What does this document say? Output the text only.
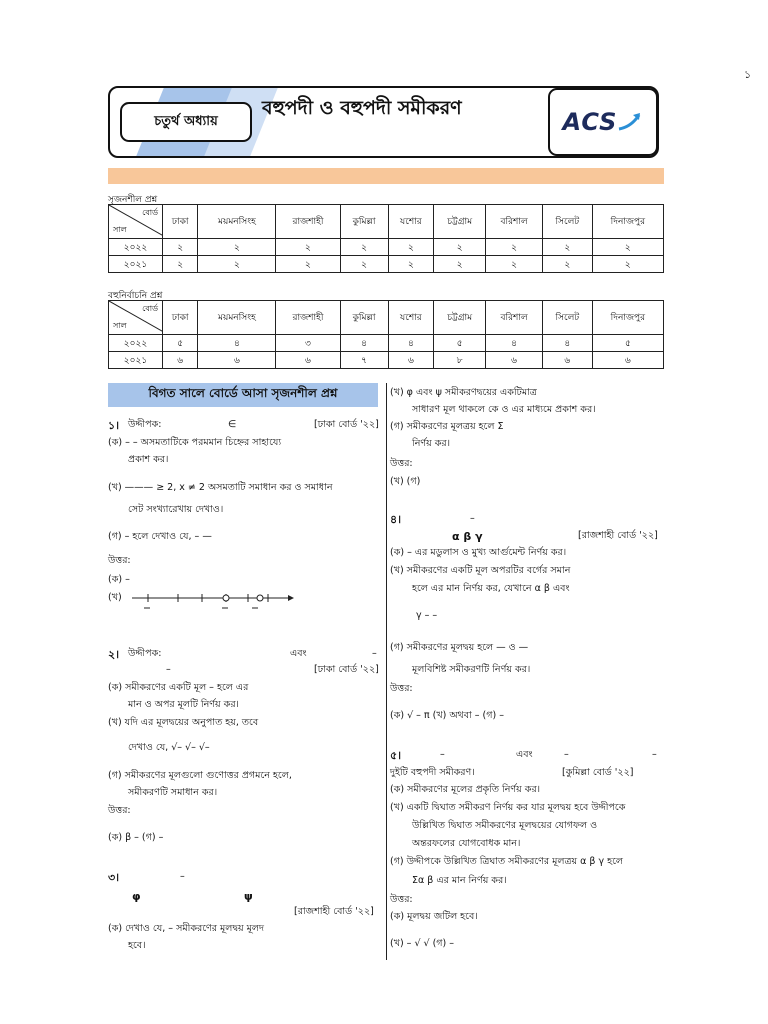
১
চতুর্থ অধ্যায়
বহুপদী ও বহুপদী সমীকরণ	ACS
সৃজনশীল প্রশ্ন
বোর্ড
সাল	ঢাকা	ময়মনসিংহ	রাজশাহী	কুমিল্লা	যশোর	চট্টগ্রাম	বরিশাল	সিলেট	দিনাজপুর
২০২২	২	২	২	২	২	২	২	২	২
২০২১	২	২	২	২	২	২	২	২	২
বহুনির্বাচনি প্রশ্ন
বোর্ড
সাল	ঢাকা	ময়মনসিংহ	রাজশাহী	কুমিল্লা	যশোর	চট্টগ্রাম	বরিশাল	সিলেট	দিনাজপুর
২০২২	৫	৪	৩	৪	৪	৫	৪	৪	৫
২০২১	৬	৬	৬	৭	৬	৮	৬	৬	৬
বিগত সালে বোর্ডে আসা সৃজনশীল প্রশ্ন
১। উদ্দীপক:	∈	[ঢাকা বোর্ড '২২]
(ক) – – অসমতাটিকে পরমমান চিহ্নের সাহায্যে
প্রকাশ কর।
(খ) ——— ≥ 2, x ≠ 2 অসমতাটি সমাধান কর ও সমাধান
সেট সংখ্যারেখায় দেখাও।
(গ) – হলে দেখাও যে, – —
উত্তর:
(ক) –
(খ)
২। উদ্দীপক:	এবং	–
–	[ঢাকা বোর্ড '২২]
(ক) সমীকরণের একটি মূল – হলে এর
মান ও অপর মূলটি নির্ণয় কর।
(খ) যদি এর মূলদ্বয়ের অনুপাত হয়, তবে
দেখাও যে, √– √– √–
(গ) সমীকরণের মূলগুলো গুণোত্তর প্রগমনে হলে,
সমীকরণটি সমাধান কর।
উত্তর:
(ক) β – (গ) –
৩।	–
φ	ψ
[রাজশাহী বোর্ড '২২]
(ক) দেখাও যে, – সমীকরণের মূলদ্বয় মূলদ
হবে।
(খ) φ এবং ψ সমীকরণদ্বয়ের একটিমাত্র
সাধারণ মূল থাকলে কে ও এর মাধ্যমে প্রকাশ কর।
(গ) সমীকরণের মূলত্রয় হলে Σ
নির্ণয় কর।
উত্তর:
(খ) (গ)
৪।	–
α β γ	[রাজশাহী বোর্ড '২২]
(ক) – এর মডুলাস ও মুখ্য আর্গুমেন্ট নির্ণয় কর।
(খ) সমীকরণের একটি মূল অপরটির বর্গের সমান
হলে এর মান নির্ণয় কর, যেখানে α β এবং
γ – –
(গ) সমীকরণের মূলদ্বয় হলে — ও —
মূলবিশিষ্ট সমীকরণটি নির্ণয় কর।
উত্তর:
(ক) √ – π (খ) অথবা – (গ) –
৫।	–	এবং	–	–
দুইটি বহুপদী সমীকরণ।	[কুমিল্লা বোর্ড '২২]
(ক) সমীকরণের মূলের প্রকৃতি নির্ণয় কর।
(খ) একটি দ্বিঘাত সমীকরণ নির্ণয় কর যার মূলদ্বয় হবে উদ্দীপকে
উল্লিখিত দ্বিঘাত সমীকরণের মূলদ্বয়ের যোগফল ও
অন্তরফলের যোগবোধক মান।
(গ) উদ্দীপকে উল্লিখিত ত্রিঘাত সমীকরণের মূলত্রয় α β γ হলে
Σα β এর মান নির্ণয় কর।
উত্তর:
(ক) মূলদ্বয় জটিল হবে।
(খ) – √ √ (গ) –
